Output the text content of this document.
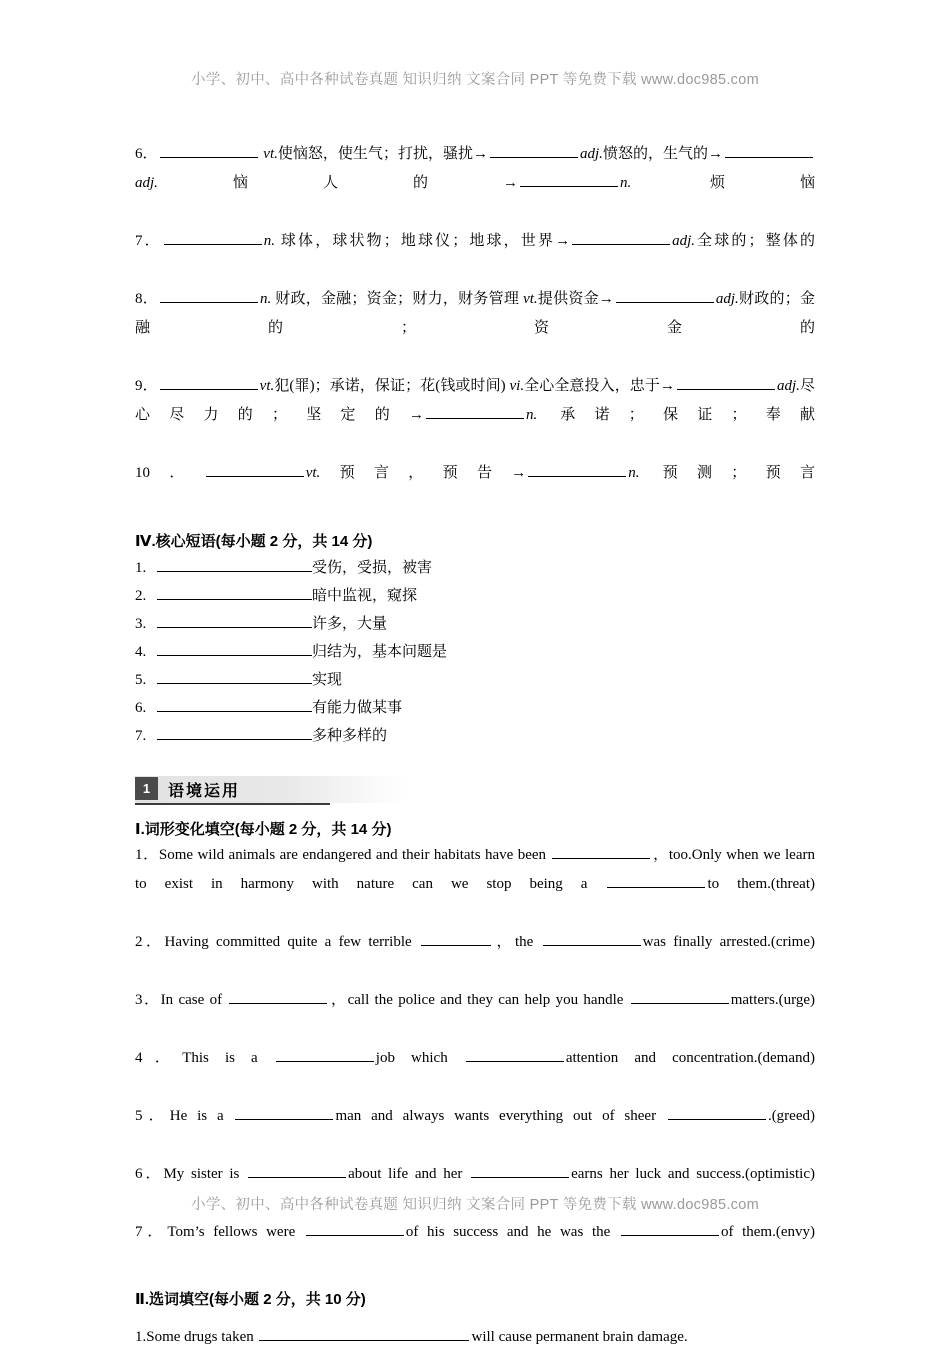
小学、初中、高中各种试卷真题 知识归纳 文案合同 PPT 等免费下载 www.doc985.com
6．	vt.使恼怒，使生气；打扰，骚扰→	adj.愤怒的，生气的→adj.恼人的→	n. 烦恼
7．	n. 球体，球状物；地球仪；地球，世界→	adj.全球的；整体的
8．	n. 财政，金融；资金；财力，财务管理 vt.提供资金→	adj.财政的；金融的；资金的
9．	vt.犯(罪)；承诺，保证；花(钱或时间) vi.全心全意投入，忠于→	adj.尽心尽力的；坚定的→	n. 承诺；保证；奉献
10．	vt.预言，预告→	n. 预测；预言
Ⅳ.核心短语(每小题 2 分，共 14 分)
1.	受伤，受损，被害
2.	暗中监视，窥探
3.	许多，大量
4.	归结为，基本问题是
5.	实现
6.	有能力做某事
7.	多种多样的
1	语境运用
Ⅰ.词形变化填空(每小题 2 分，共 14 分)
1．Some wild animals are endangered and their habitats have been	，too.Only when we learn to exist in harmony with nature can we stop being a	to them.(threat)
2．Having committed quite a few terrible	，the	was finally arrested.(crime)
3．In case of	，call the police and they can help you handle	matters.(urge)
4．This is a	job which	attention and concentration.(demand)
5．He is a	man and always wants everything out of sheer	.(greed)
6．My sister is	about life and her	earns her luck and success.(optimistic)
7．Tom’s fellows were	of his success and he was the	of them.(envy)
Ⅱ.选词填空(每小题 2 分，共 10 分)
1.Some drugs taken	will cause permanent brain damage.
小学、初中、高中各种试卷真题 知识归纳 文案合同 PPT 等免费下载 www.doc985.com
